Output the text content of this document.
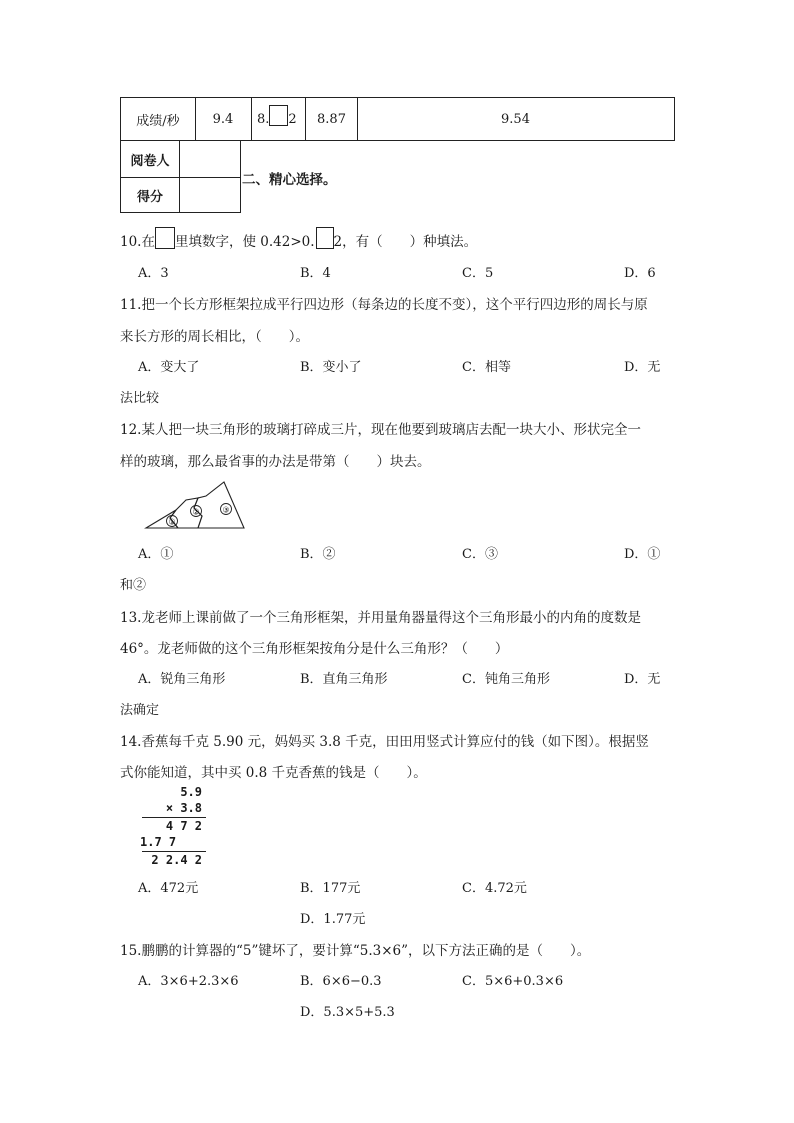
成绩/秒	9.4	8. 2	8.87	9.54
阅卷人
得分
二、精心选择。
10.在 里填数字，使 0.42>0. 2，有（　　）种填法。
A．3	B．4	C．5	D．6
11.把一个长方形框架拉成平行四边形（每条边的长度不变），这个平行四边形的周长与原
来长方形的周长相比，（　　）。
A．变大了	B．变小了	C．相等	D．无
法比较
12.某人把一块三角形的玻璃打碎成三片，现在他要到玻璃店去配一块大小、形状完全一
样的玻璃，那么最省事的办法是带第（　　）块去。
①
②	③
A．①	B．②	C．③	D．①
和②
13.龙老师上课前做了一个三角形框架，并用量角器量得这个三角形最小的内角的度数是
46°。龙老师做的这个三角形框架按角分是什么三角形？（　　）
A．锐角三角形	B．直角三角形	C．钝角三角形	D．无
法确定
14.香蕉每千克 5.90 元，妈妈买 3.8 千克，田田用竖式计算应付的钱（如下图）。根据竖
式你能知道，其中买 0.8 千克香蕉的钱是（　　）。
5.9
× 3.8
4 7 2
1.7 7
2 2.4 2
A．472元	B．177元	C．4.72元
D．1.77元
15.鹏鹏的计算器的“5”键坏了，要计算“5.3×6”，以下方法正确的是（　　）。
A．3×6+2.3×6	B．6×6−0.3	C．5×6+0.3×6
D．5.3×5+5.3
